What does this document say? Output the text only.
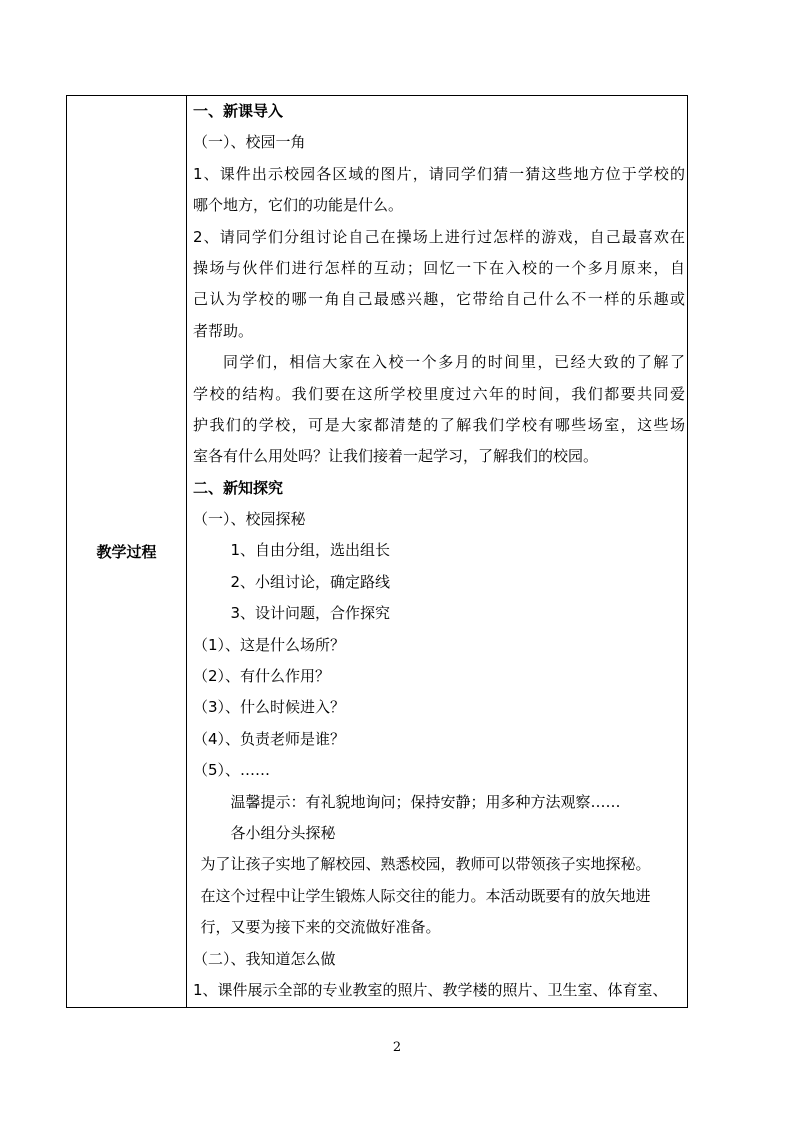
教学过程
一、新课导入
（一）、校园一角
1、课件出示校园各区域的图片，请同学们猜一猜这些地方位于学校的
哪个地方，它们的功能是什么。
2、请同学们分组讨论自己在操场上进行过怎样的游戏，自己最喜欢在
操场与伙伴们进行怎样的互动；回忆一下在入校的一个多月原来，自
己认为学校的哪一角自己最感兴趣，它带给自己什么不一样的乐趣或
者帮助。
同学们，相信大家在入校一个多月的时间里，已经大致的了解了
学校的结构。我们要在这所学校里度过六年的时间，我们都要共同爱
护我们的学校，可是大家都清楚的了解我们学校有哪些场室，这些场
室各有什么用处吗？让我们接着一起学习，了解我们的校园。
二、新知探究
（一）、校园探秘
1、自由分组，选出组长
2、小组讨论，确定路线
3、设计问题，合作探究
（1）、这是什么场所？
（2）、有什么作用？
（3）、什么时候进入？
（4）、负责老师是谁？
（5）、……
温馨提示：有礼貌地询问；保持安静；用多种方法观察……
各小组分头探秘
为了让孩子实地了解校园、熟悉校园，教师可以带领孩子实地探秘。
在这个过程中让学生锻炼人际交往的能力。本活动既要有的放矢地进
行，又要为接下来的交流做好准备。
（二）、我知道怎么做
1、课件展示全部的专业教室的照片、教学楼的照片、卫生室、体育室、
2
